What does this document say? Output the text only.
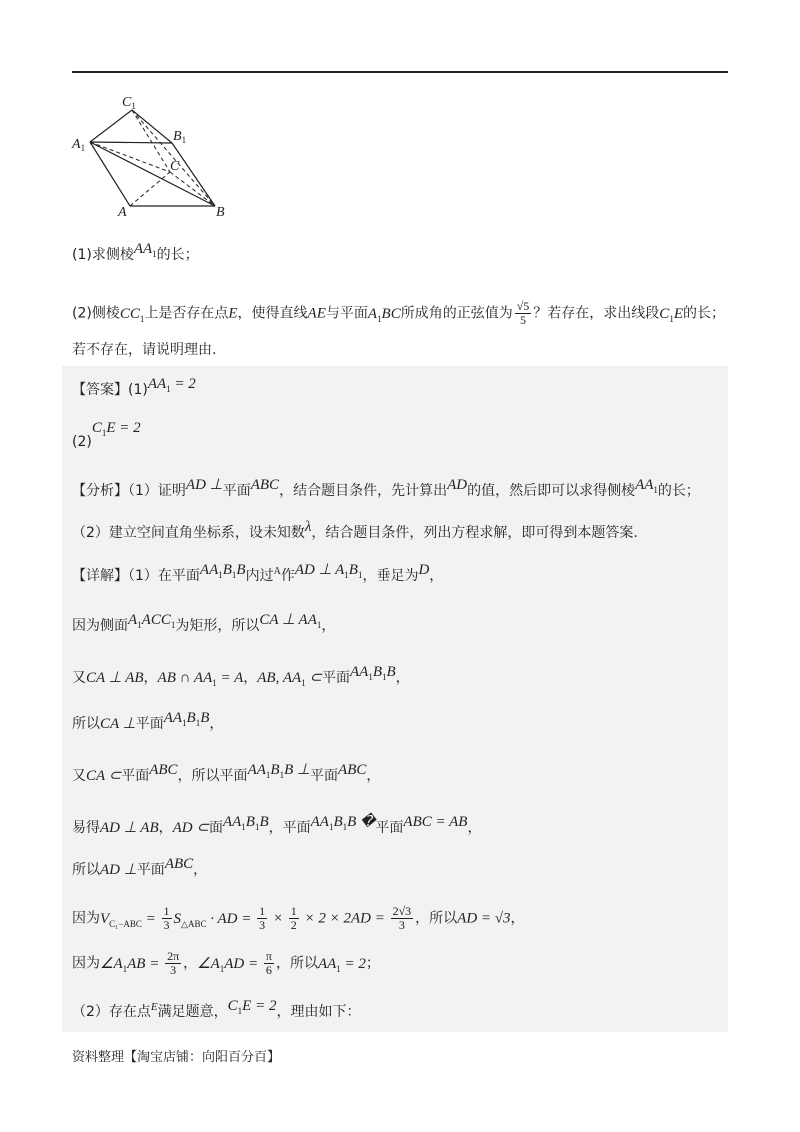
$A_1$
$C_1$
$B_1$
C
A	B
(1)求侧棱$AA_1$的长；
(2)侧棱$CC_1$上是否存在点E，使得直线AE与平面$A_1BC$所成角的正弦值为 $\frac{√5}{5}$ ？若存在，求出线段$C_1E$的长；
若不存在，请说明理由.
【答案】$(1)AA_1 = 2$
$(2)C_1E = 2$
【分析】（1）证明AD ⊥平面ABC，结合题目条件，先计算出AD的值，然后即可以求得侧棱$AA_1$的长；
（2）建立空间直角坐标系，设未知数λ，结合题目条件，列出方程求解，即可得到本题答案.
【详解】（1）在平面$AA_1B_1B$内过$^A$作AD ⊥ $A_1B_1$，垂足为D，
因为侧面$A_1ACC_1$为矩形，所以CA ⊥ $AA_1$，
又CA ⊥ AB，AB ∩ $AA_1 = A$，AB, $AA_1$ ⊂平面$AA_1B_1B$，
所以CA ⊥平面$AA_1B_1B$，
又CA ⊂平面ABC，所以平面$AA_1B_1B$ ⊥平面ABC，
易得AD ⊥ AB，AD ⊂面$AA_1B_1B$，平面$AA_1B_1B$ �平面ABC = AB，
所以AD ⊥平面ABC，
因为$V_{C_1-ABC} = \frac{1}{3} S_{\triangle ABC}$ · AD = $\frac{1}{3} \times \frac{1}{2} \times 2 \times 2AD = \frac{2√3}{3}$ ，所以AD = √3，
因为$\angle A_1AB = \frac{2\pi}{3}$ ，$\angle A_1AD = \frac{\pi}{6}$ ，所以$AA_1 = 2$；
（2）存在点$^E$满足题意，$C_1E = 2$，理由如下：
资料整理【淘宝店铺：向阳百分百】
